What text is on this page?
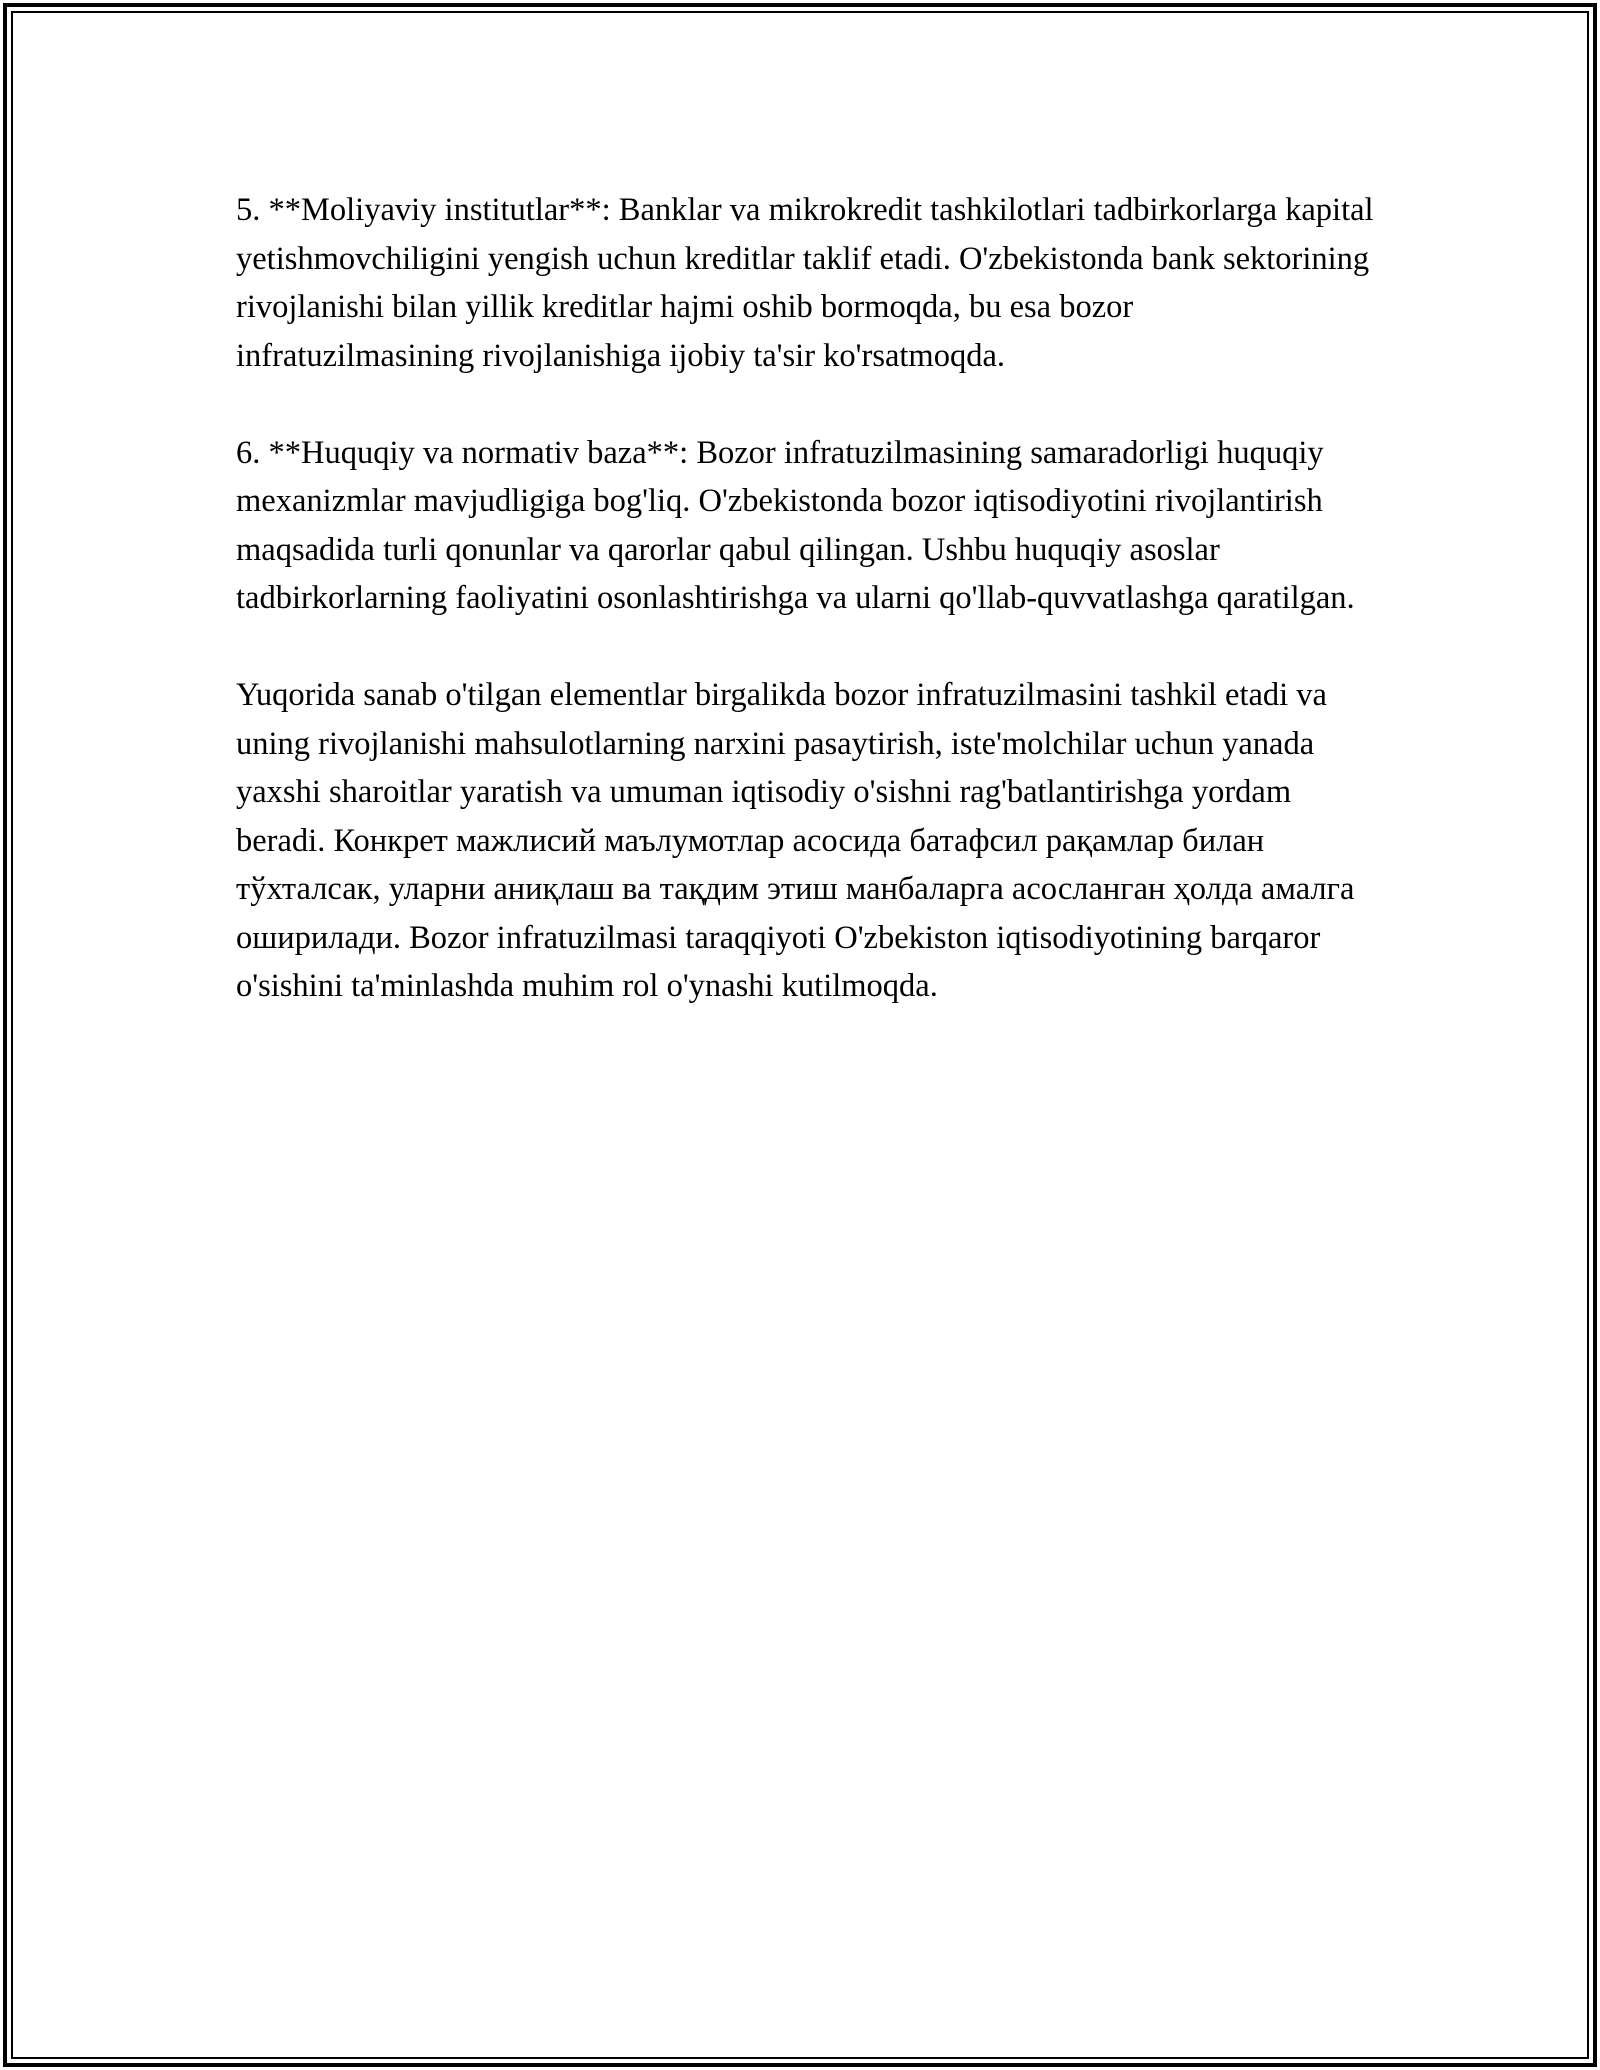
5. **Moliyaviy institutlar**: Banklar va mikrokredit tashkilotlari tadbirkorlarga kapital yetishmovchiligini yengish uchun kreditlar taklif etadi. O'zbekistonda bank sektorining rivojlanishi bilan yillik kreditlar hajmi oshib bormoqda, bu esa bozor infratuzilmasining rivojlanishiga ijobiy ta'sir ko'rsatmoqda.

6. **Huquqiy va normativ baza**: Bozor infratuzilmasining samaradorligi huquqiy mexanizmlar mavjudligiga bog'liq. O'zbekistonda bozor iqtisodiyotini rivojlantirish maqsadida turli qonunlar va qarorlar qabul qilingan. Ushbu huquqiy asoslar tadbirkorlarning faoliyatini osonlashtirishga va ularni qo'llab-quvvatlashga qaratilgan.

Yuqorida sanab o'tilgan elementlar birgalikda bozor infratuzilmasini tashkil etadi va uning rivojlanishi mahsulotlarning narxini pasaytirish, iste'molchilar uchun yanada yaxshi sharoitlar yaratish va umuman iqtisodiy o'sishni rag'batlantirishga yordam beradi. Конкрет мажлисий маълумотлар асосида батафсил рақамлар билан тўхталсак, уларни аниқлаш ва тақдим этиш манбаларга асосланган ҳолда амалга оширилади. Bozor infratuzilmasi taraqqiyoti O'zbekiston iqtisodiyotining barqaror o'sishini ta'minlashda muhim rol o'ynashi kutilmoqda.
